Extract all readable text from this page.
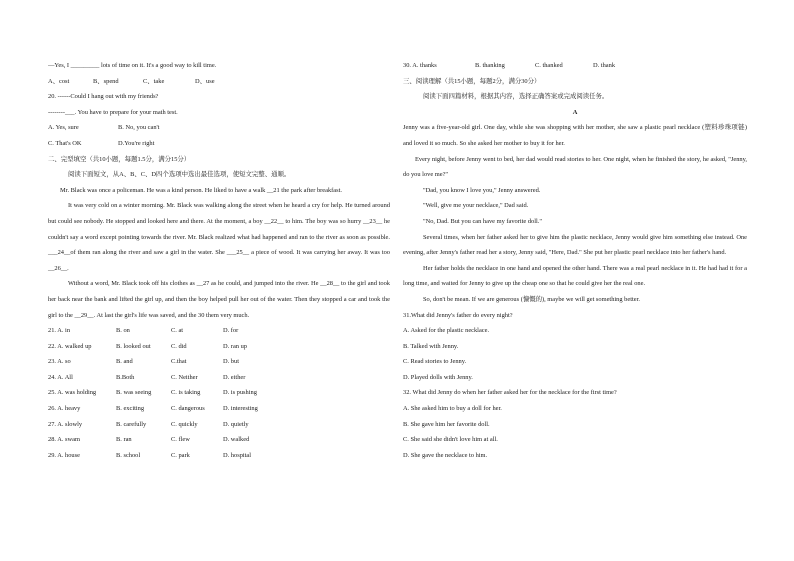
—Yes, I _________ lots of time on it. It's a good way to kill time.
A、cost	B、spend	C、take	D、use
20. ------Could I hang out with my friends?
--------___. You have to prepare for your math test.
A. Yes, sure	B. No, you can't
C. That's OK	D.You're right
二、完型填空（共10小题，每题1.5分，满分15分）
阅读下面短文，从A、B、C、D四个选项中选出最佳选项，使短文完整、通顺。
Mr. Black was once a policeman. He was a kind person. He liked to have a walk __21 the park after breakfast.
It was very cold on a winter morning. Mr. Black was walking along the street when he heard a cry for help. He turned around but could see nobody. He stopped and looked here and there. At the moment, a boy __22__ to him. The boy was so hurry __23__ he couldn't say a word except pointing towards the river. Mr. Black realized what had happened and ran to the river as soon as possible. ___24__of them ran along the river and saw a girl in the water. She ___25__ a piece of wood. It was carrying her away. It was too __26__.
Without a word, Mr. Black took off his clothes as __27 as he could, and jumped into the river. He __28__ to the girl and took her back near the bank and lifted the girl up, and then the boy helped pull her out of the water. Then they stopped a car and took the girl to the __29__. At last the girl's life was saved, and the 30 them very much.
21. A. in	B. on	C. at	D. for
22. A. walked up	B. looked out	C. did	D. ran up
23. A. so	B. and	C.that	D. but
24. A. All	B.Both	C. Neither	D. either
25. A. was holding	B. was seeing	C. is taking	D. is pushing
26. A. heavy	B. exciting	C. dangerous	D. interesting
27. A. slowly	B. carefully	C. quickly	D. quietly
28. A. swam	B. ran	C. flew	D. walked
29. A. house	B. school	C. park	D. hospital
30. A. thanks	B. thanking	C. thanked	D. thank
三、阅读理解（共15小题，每题2分，满分30分）
阅读下面四篇材料，根据其内容，选择正确答案或完成阅读任务。
A
Jenny was a five-year-old girl. One day, while she was shopping with her mother, she saw a plastic pearl necklace (塑料珍珠项链) and loved it so much. So she asked her mother to buy it for her.
Every night, before Jenny went to bed, her dad would read stories to her. One night, when he finished the story, he asked, "Jenny, do you love me?"
"Dad, you know I love you," Jenny answered.
"Well, give me your necklace," Dad said.
"No, Dad. But you can have my favorite doll."
Several times, when her father asked her to give him the plastic necklace, Jenny would give him something else instead. One evening, after Jenny's father read her a story, Jenny said, "Here, Dad." She put her plastic pearl necklace into her father's hand.
Her father holds the necklace in one hand and opened the other hand. There was a real pearl necklace in it. He had had it for a long time, and waited for Jenny to give up the cheap one so that he could give her the real one.
So, don't be mean. If we are generous (慷慨的), maybe we will get something better.
31.What did Jenny's father do every night?
A. Asked for the plastic necklace.
B. Talked with Jenny.
C. Read stories to Jenny.
D. Played dolls with Jenny.
32. What did Jenny do when her father asked her for the necklace for the first time?
A. She asked him to buy a doll for her.
B. She gave him her favorite doll.
C. She said she didn't love him at all.
D. She gave the necklace to him.
